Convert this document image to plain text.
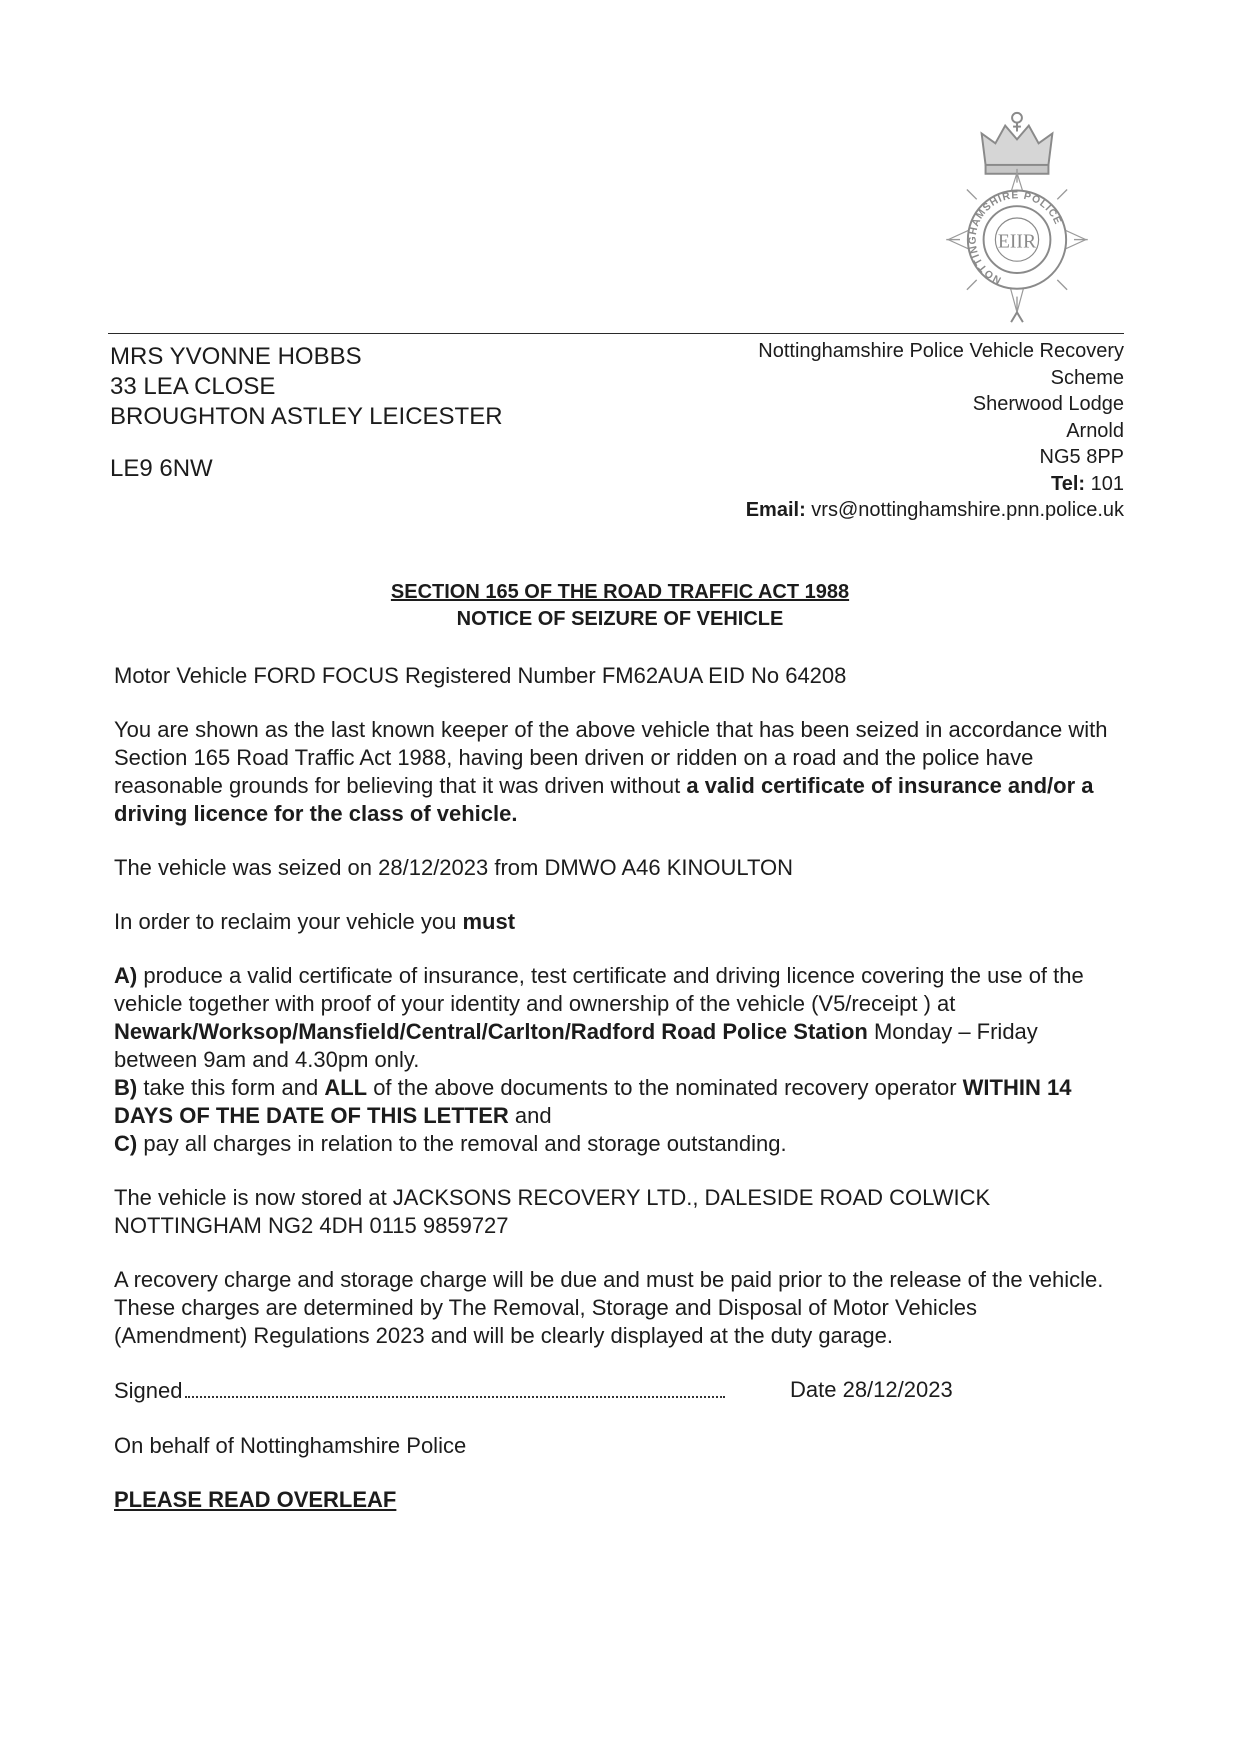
NOTTINGHAMSHIRE POLICE
EIIR
MRS YVONNE HOBBS
33 LEA CLOSE
BROUGHTON ASTLEY LEICESTER
LE9 6NW
Nottinghamshire Police Vehicle Recovery
Scheme
Sherwood Lodge
Arnold
NG5 8PP
Tel: 101
Email: vrs@nottinghamshire.pnn.police.uk
SECTION 165 OF THE ROAD TRAFFIC ACT 1988
NOTICE OF SEIZURE OF VEHICLE

Motor Vehicle FORD FOCUS Registered Number FM62AUA EID No 64208

You are shown as the last known keeper of the above vehicle that has been seized in accordance with Section 165 Road Traffic Act 1988, having been driven or ridden on a road and the police have reasonable grounds for believing that it was driven without a valid certificate of insurance and/or a driving licence for the class of vehicle.

The vehicle was seized on 28/12/2023 from DMWO A46 KINOULTON

In order to reclaim your vehicle you must

A) produce a valid certificate of insurance, test certificate and driving licence covering the use of the vehicle together with proof of your identity and ownership of the vehicle (V5/receipt ) at Newark/Worksop/Mansfield/Central/Carlton/Radford Road Police Station Monday – Friday between 9am and 4.30pm only.

B) take this form and ALL of the above documents to the nominated recovery operator WITHIN 14 DAYS OF THE DATE OF THIS LETTER and

C) pay all charges in relation to the removal and storage outstanding.

The vehicle is now stored at JACKSONS RECOVERY LTD., DALESIDE ROAD COLWICK NOTTINGHAM NG2 4DH 0115 9859727

A recovery charge and storage charge will be due and must be paid prior to the release of the vehicle. These charges are determined by The Removal, Storage and Disposal of Motor Vehicles (Amendment) Regulations 2023 and will be clearly displayed at the duty garage.

Signed	Date 28/12/2023

On behalf of Nottinghamshire Police

PLEASE READ OVERLEAF
